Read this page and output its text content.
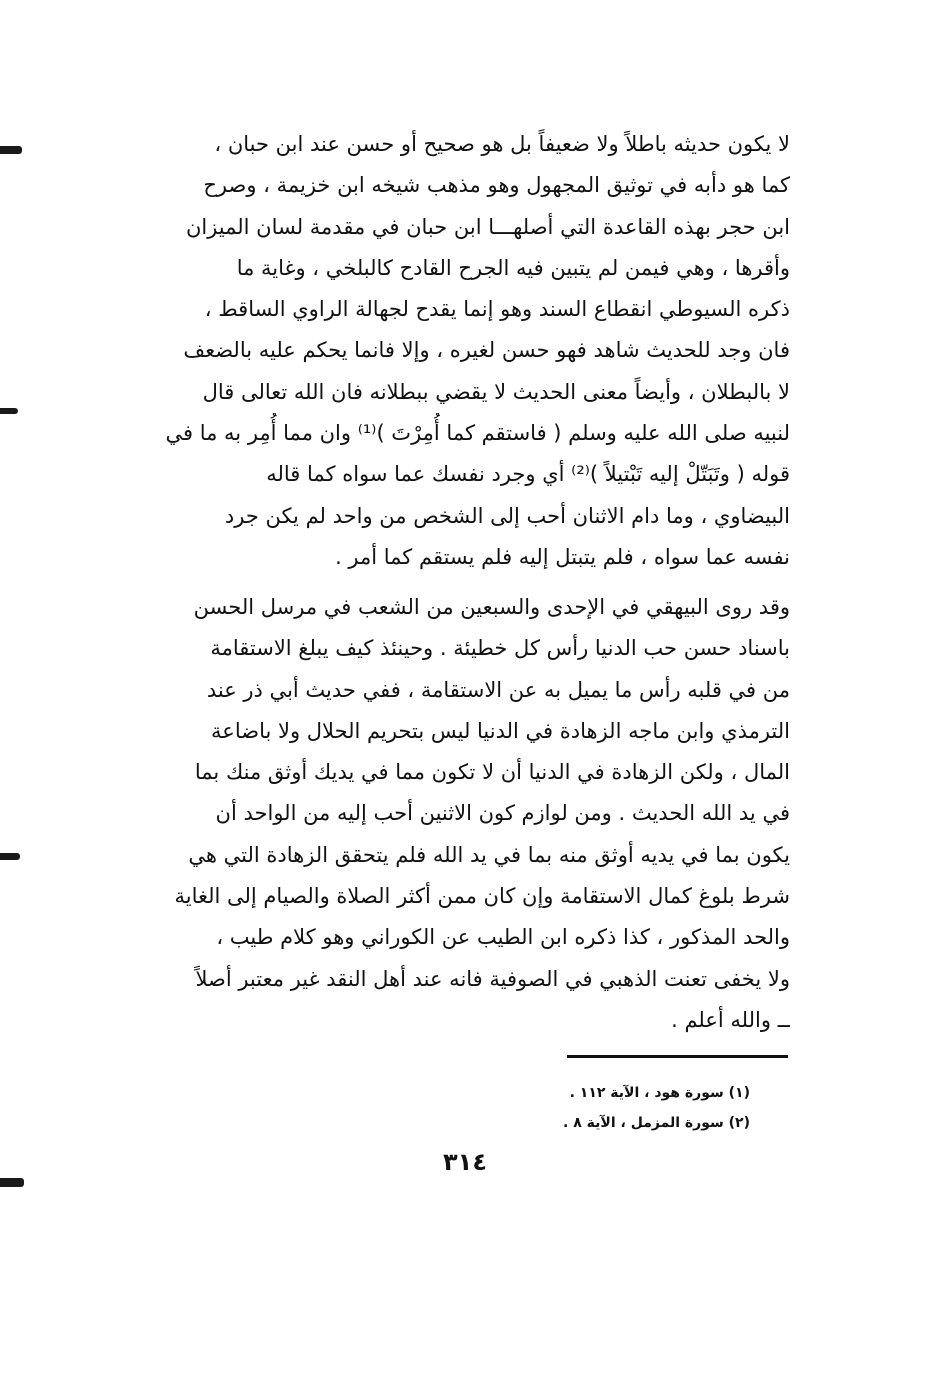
لا يكون حديثه باطلاً ولا ضعيفاً بل هو صحيح أو حسن عند ابن حبان ،
كما هو دأبه في توثيق المجهول وهو مذهب شيخه ابن خزيمة ، وصرح
ابن حجر بهذه القاعدة التي أصلهـــا ابن حبان في مقدمة لسان الميزان
وأقرها ، وهي فيمن لم يتبين فيه الجرح القادح كالبلخي ، وغاية ما
ذكره السيوطي انقطاع السند وهو إنما يقدح لجهالة الراوي الساقط ،
فان وجد للحديث شاهد فهو حسن لغيره ، وإلا فانما يحكم عليه بالضعف
لا بالبطلان ، وأيضاً معنى الحديث لا يقضي ببطلانه فان الله تعالى قال
لنبيه صلى الله عليه وسلم ( فاستقم كما أُمِرْتَ )⁽¹⁾ وان مما أُمِر به ما في
قوله ( وتَبَتّلْ إليه تَبْتيلاً )⁽²⁾ أي وجرد نفسك عما سواه كما قاله
البيضاوي ، وما دام الاثنان أحب إلى الشخص من واحد لم يكن جرد
نفسه عما سواه ، فلم يتبتل إليه فلم يستقم كما أمر .
وقد روى البيهقي في الإحدى والسبعين من الشعب في مرسل الحسن
باسناد حسن حب الدنيا رأس كل خطيئة . وحينئذ كيف يبلغ الاستقامة
من في قلبه رأس ما يميل به عن الاستقامة ، ففي حديث أبي ذر عند
الترمذي وابن ماجه الزهادة في الدنيا ليس بتحريم الحلال ولا باضاعة
المال ، ولكن الزهادة في الدنيا أن لا تكون مما في يديك أوثق منك بما
في يد الله الحديث . ومن لوازم كون الاثنين أحب إليه من الواحد أن
يكون بما في يديه أوثق منه بما في يد الله فلم يتحقق الزهادة التي هي
شرط بلوغ كمال الاستقامة وإن كان ممن أكثر الصلاة والصيام إلى الغاية
والحد المذكور ، كذا ذكره ابن الطيب عن الكوراني وهو كلام طيب ،
ولا يخفى تعنت الذهبي في الصوفية فانه عند أهل النقد غير معتبر أصلاً
ــ والله أعلم .
(١) سورة هود ، الآية ١١٢ .
(٢) سورة المزمل ، الآية ٨ .
٣١٤
